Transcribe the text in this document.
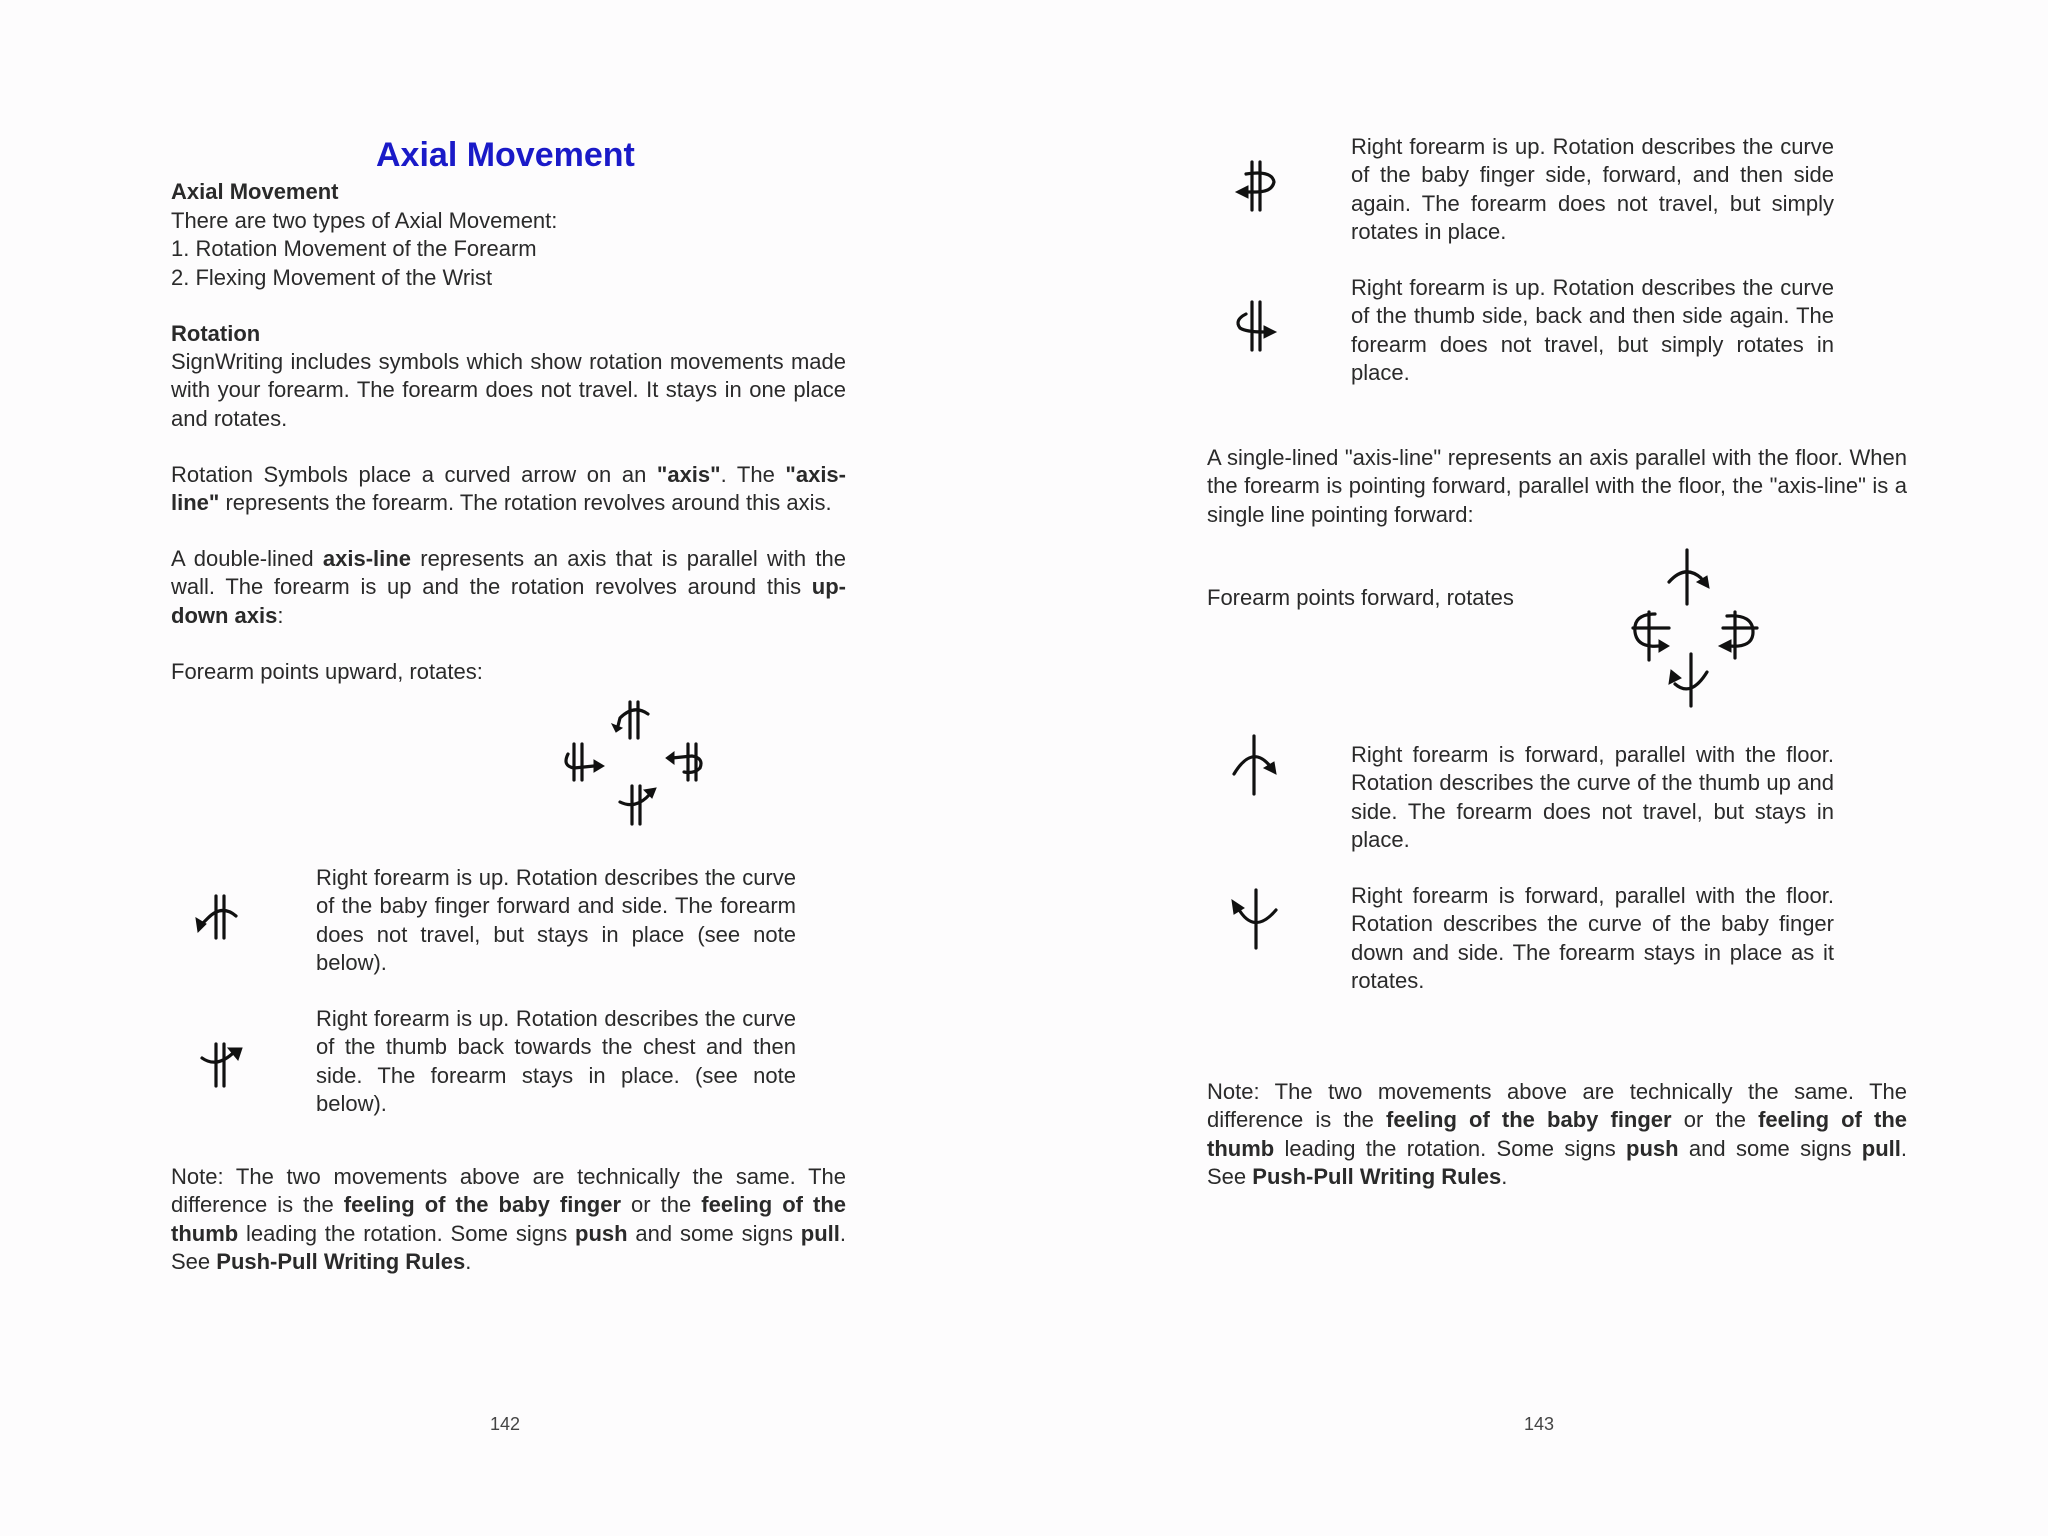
Axial Movement
Axial Movement
There are two types of Axial Movement:
1. Rotation Movement of the Forearm
2. Flexing Movement of the Wrist
Rotation

SignWriting includes symbols which show rotation movements made with your forearm. The forearm does not travel. It stays in one place and rotates.

Rotation Symbols place a curved arrow on an "axis". The "axis-line" represents the forearm. The rotation revolves around this axis.

A double-lined axis-line represents an axis that is parallel with the wall. The forearm is up and the rotation revolves around this up-down axis:

Forearm points upward, rotates:

Right forearm is up. Rotation describes the curve of the baby finger forward and side. The forearm does not travel, but stays in place (see note below).

Right forearm is up. Rotation describes the curve of the thumb back towards the chest and then side. The forearm stays in place. (see note below).

Note: The two movements above are technically the same. The difference is the feeling of the baby finger or the feeling of the thumb leading the rotation. Some signs push and some signs pull. See Push-Pull Writing Rules.

142

Right forearm is up. Rotation describes the curve of the baby finger side, forward, and then side again. The forearm does not travel, but simply rotates in place.

Right forearm is up. Rotation describes the curve of the thumb side, back and then side again. The forearm does not travel, but simply rotates in place.

A single-lined "axis-line" represents an axis parallel with the floor. When the forearm is pointing forward, parallel with the floor, the "axis-line" is a single line pointing forward:

Forearm points forward, rotates

Right forearm is forward, parallel with the floor. Rotation describes the curve of the thumb up and side. The forearm does not travel, but stays in place.

Right forearm is forward, parallel with the floor. Rotation describes the curve of the baby finger down and side. The forearm stays in place as it rotates.

Note: The two movements above are technically the same. The difference is the feeling of the baby finger or the feeling of the thumb leading the rotation. Some signs push and some signs pull. See Push-Pull Writing Rules.

143
